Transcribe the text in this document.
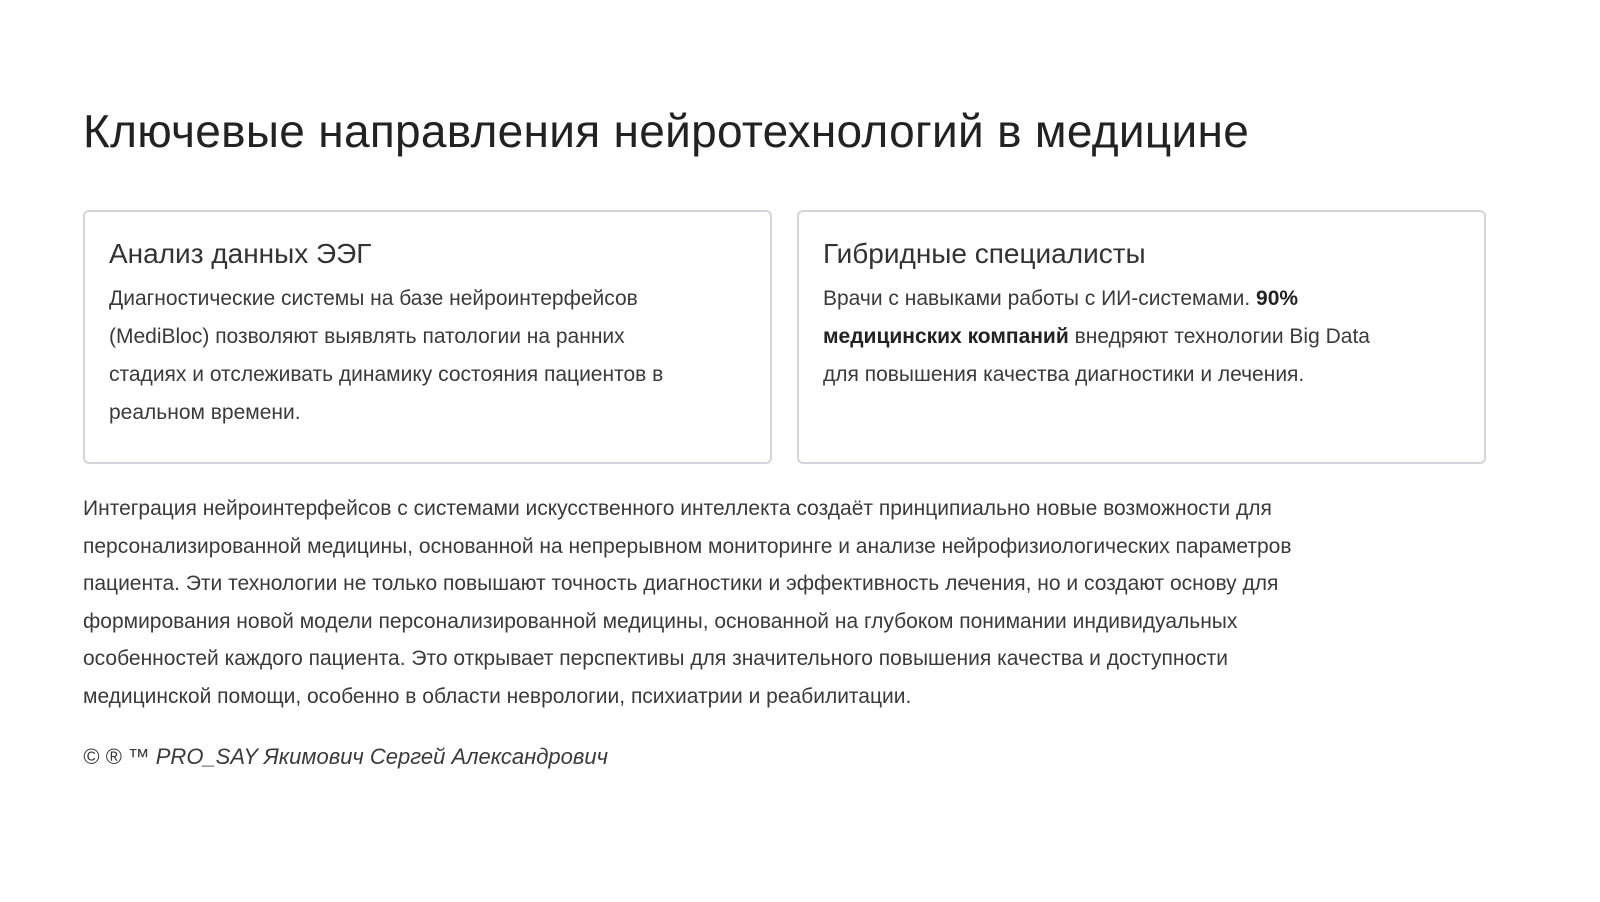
Ключевые направления нейротехнологий в медицине
Анализ данных ЭЭГ
Диагностические системы на базе нейроинтерфейсов
(MediBloc) позволяют выявлять патологии на ранних
стадиях и отслеживать динамику состояния пациентов в
реальном времени.
Гибридные специалисты
Врачи с навыками работы с ИИ-системами. 90%
медицинских компаний внедряют технологии Big Data
для повышения качества диагностики и лечения.
Интеграция нейроинтерфейсов с системами искусственного интеллекта создаёт принципиально новые возможности для
персонализированной медицины, основанной на непрерывном мониторинге и анализе нейрофизиологических параметров
пациента. Эти технологии не только повышают точность диагностики и эффективность лечения, но и создают основу для
формирования новой модели персонализированной медицины, основанной на глубоком понимании индивидуальных
особенностей каждого пациента. Это открывает перспективы для значительного повышения качества и доступности
медицинской помощи, особенно в области неврологии, психиатрии и реабилитации.
© ® ™ PRO_SAY Якимович Сергей Александрович
